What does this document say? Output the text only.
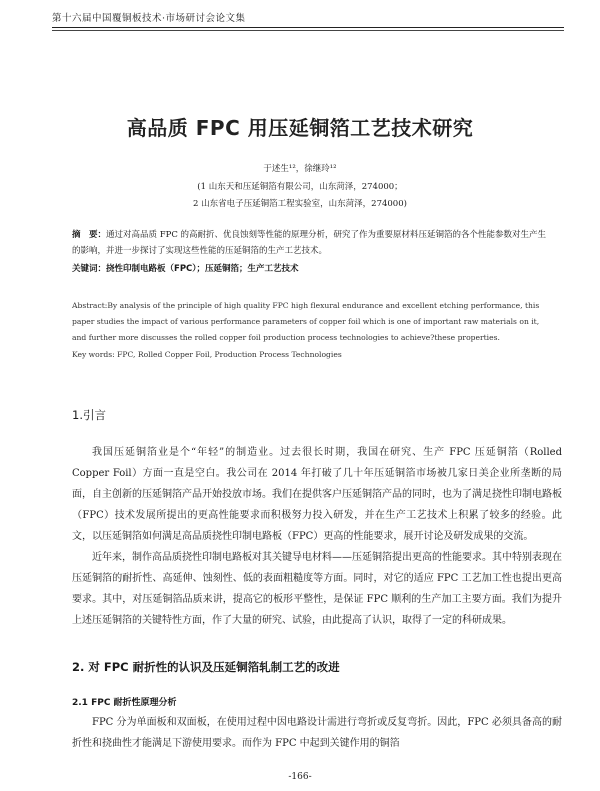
第十六届中国覆铜板技术·市场研讨会论文集
高品质 FPC 用压延铜箔工艺技术研究
于述生¹²，徐继玲¹²
(1 山东天和压延铜箔有限公司，山东菏泽，274000；
2 山东省电子压延铜箔工程实验室，山东菏泽，274000)
摘　要：通过对高品质 FPC 的高耐折、优良蚀刻等性能的原理分析，研究了作为重要原材料压延铜箔的各个性能参数对生产生的影响，并进一步探讨了实现这些性能的压延铜箔的生产工艺技术。
关键词：挠性印制电路板（FPC）；压延铜箔；生产工艺技术
Abstract:By analysis of the principle of high quality FPC high flexural endurance and excellent etching performance, this paper studies the impact of various performance parameters of copper foil which is one of important raw materials on it, and further more discusses the rolled copper foil production process technologies to achieve?these properties.
Key words: FPC, Rolled Copper Foil, Production Process Technologies
1.引言
我国压延铜箔业是个“年轻”的制造业。过去很长时期，我国在研究、生产 FPC 压延铜箔（Rolled Copper Foil）方面一直是空白。我公司在 2014 年打破了几十年压延铜箔市场被几家日美企业所垄断的局面，自主创新的压延铜箔产品开始投放市场。我们在提供客户压延铜箔产品的同时，也为了满足挠性印制电路板（FPC）技术发展所提出的更高性能要求而积极努力投入研发，并在生产工艺技术上积累了较多的经验。此文，以压延铜箔如何满足高品质挠性印制电路板（FPC）更高的性能要求，展开讨论及研发成果的交流。
近年来，制作高品质挠性印制电路板对其关键导电材料——压延铜箔提出更高的性能要求。其中特别表现在压延铜箔的耐折性、高延伸、蚀刻性、低的表面粗糙度等方面。同时，对它的适应 FPC 工艺加工性也提出更高要求。其中，对压延铜箔品质来讲，提高它的板形平整性，是保证 FPC 顺利的生产加工主要方面。我们为提升上述压延铜箔的关键特性方面，作了大量的研究、试验，由此提高了认识，取得了一定的科研成果。
2. 对 FPC 耐折性的认识及压延铜箔轧制工艺的改进
2.1 FPC 耐折性原理分析
FPC 分为单面板和双面板，在使用过程中因电路设计需进行弯折或反复弯折。因此，FPC 必须具备高的耐折性和挠曲性才能满足下游使用要求。而作为 FPC 中起到关键作用的铜箔
-166-
